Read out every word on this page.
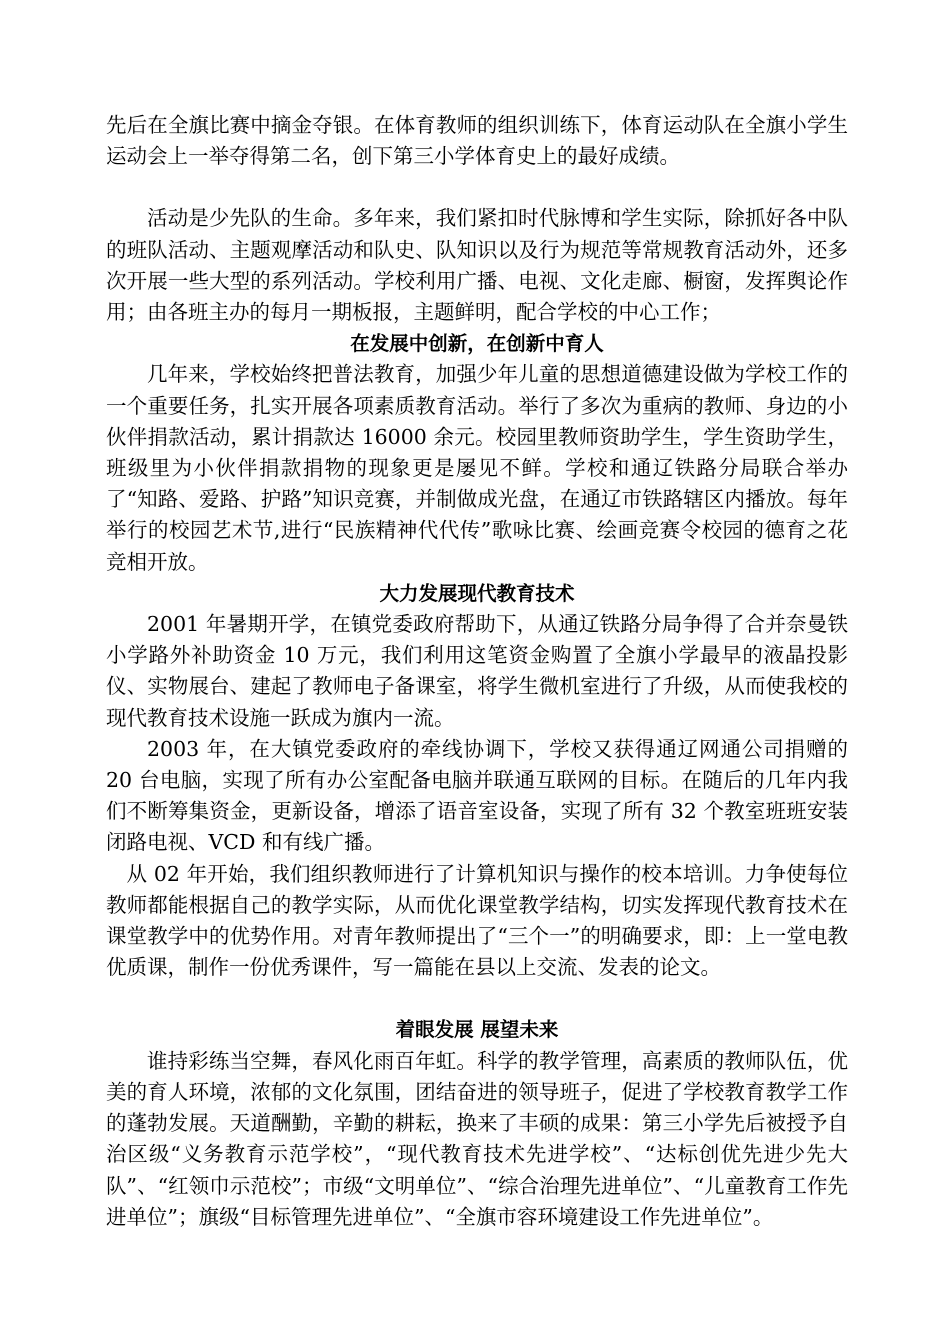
先后在全旗比赛中摘金夺银。在体育教师的组织训练下，体育运动队在全旗小学生运动会上一举夺得第二名，创下第三小学体育史上的最好成绩。

活动是少先队的生命。多年来，我们紧扣时代脉博和学生实际，除抓好各中队的班队活动、主题观摩活动和队史、队知识以及行为规范等常规教育活动外，还多次开展一些大型的系列活动。学校利用广播、电视、文化走廊、橱窗，发挥舆论作用；由各班主办的每月一期板报，主题鲜明，配合学校的中心工作；

在发展中创新，在创新中育人

几年来，学校始终把普法教育，加强少年儿童的思想道德建设做为学校工作的一个重要任务，扎实开展各项素质教育活动。举行了多次为重病的教师、身边的小伙伴捐款活动，累计捐款达 16000 余元。校园里教师资助学生，学生资助学生，班级里为小伙伴捐款捐物的现象更是屡见不鲜。学校和通辽铁路分局联合举办了“知路、爱路、护路”知识竞赛，并制做成光盘，在通辽市铁路辖区内播放。每年举行的校园艺术节,进行“民族精神代代传”歌咏比赛、绘画竞赛令校园的德育之花竞相开放。

大力发展现代教育技术

2001 年暑期开学，在镇党委政府帮助下，从通辽铁路分局争得了合并奈曼铁小学路外补助资金 10 万元，我们利用这笔资金购置了全旗小学最早的液晶投影仪、实物展台、建起了教师电子备课室，将学生微机室进行了升级，从而使我校的现代教育技术设施一跃成为旗内一流。

2003 年，在大镇党委政府的牵线协调下，学校又获得通辽网通公司捐赠的 20 台电脑，实现了所有办公室配备电脑并联通互联网的目标。在随后的几年内我们不断筹集资金，更新设备，增添了语音室设备，实现了所有 32 个教室班班安装闭路电视、VCD 和有线广播。

从 02 年开始，我们组织教师进行了计算机知识与操作的校本培训。力争使每位教师都能根据自己的教学实际，从而优化课堂教学结构，切实发挥现代教育技术在课堂教学中的优势作用。对青年教师提出了“三个一”的明确要求，即：上一堂电教优质课，制作一份优秀课件，写一篇能在县以上交流、发表的论文。

着眼发展 展望未来

谁持彩练当空舞，春风化雨百年虹。科学的教学管理，高素质的教师队伍，优美的育人环境，浓郁的文化氛围，团结奋进的领导班子，促进了学校教育教学工作的蓬勃发展。天道酬勤，辛勤的耕耘，换来了丰硕的成果：第三小学先后被授予自治区级“义务教育示范学校”，“现代教育技术先进学校”、“达标创优先进少先大队”、“红领巾示范校”；市级“文明单位”、“综合治理先进单位”、“儿童教育工作先进单位”；旗级“目标管理先进单位”、“全旗市容环境建设工作先进单位”。
